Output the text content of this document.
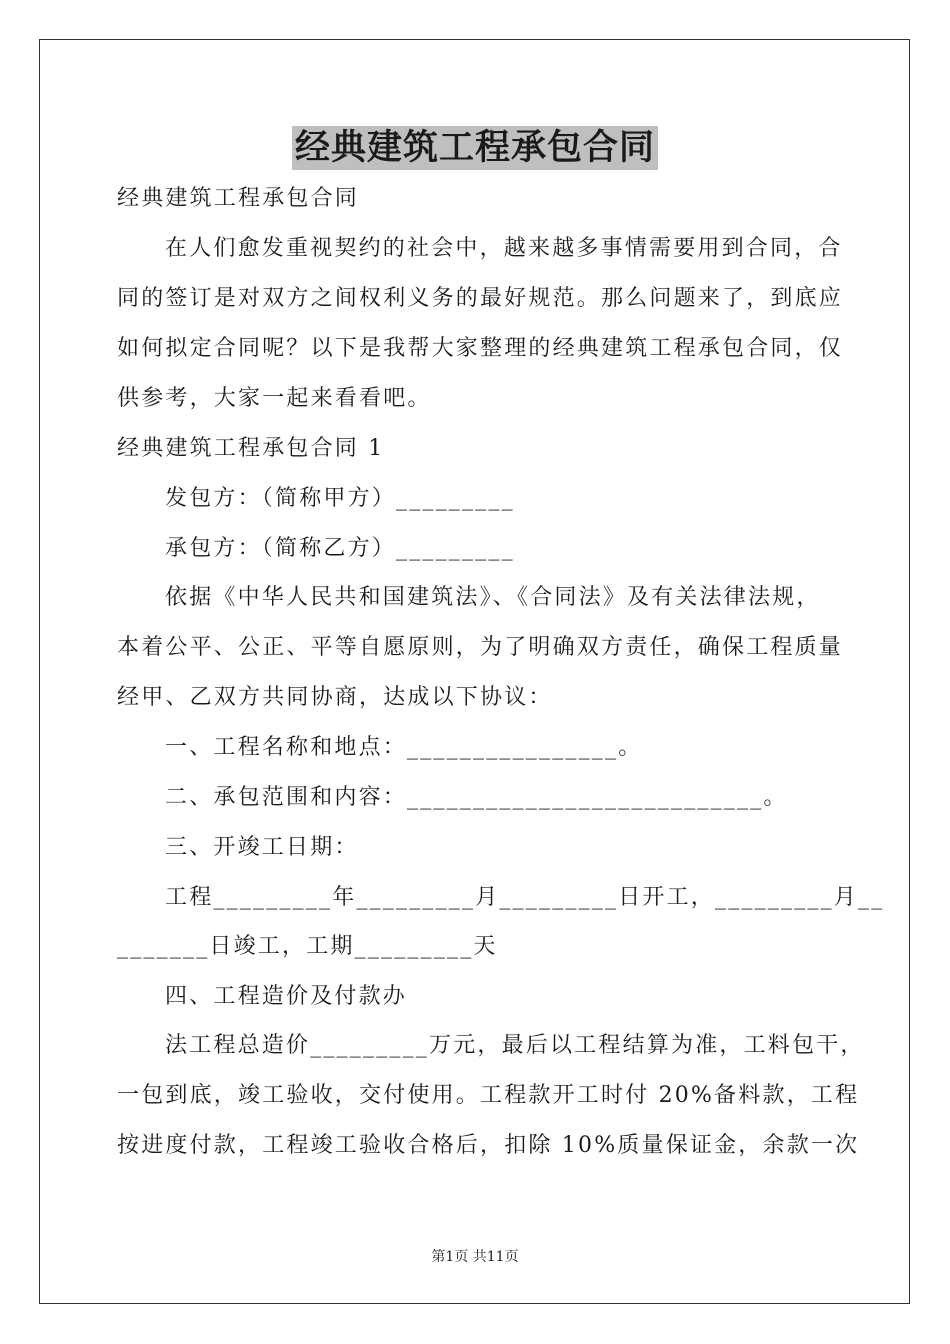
经典建筑工程承包合同
经典建筑工程承包合同
在人们愈发重视契约的社会中，越来越多事情需要用到合同，合
同的签订是对双方之间权利义务的最好规范。那么问题来了，到底应
如何拟定合同呢？以下是我帮大家整理的经典建筑工程承包合同，仅
供参考，大家一起来看看吧。
经典建筑工程承包合同 1
发包方：（简称甲方）_________
承包方：（简称乙方）_________
依据《中华人民共和国建筑法》、《合同法》及有关法律法规，
本着公平、公正、平等自愿原则，为了明确双方责任，确保工程质量
经甲、乙双方共同协商，达成以下协议：
一、工程名称和地点：________________。
二、承包范围和内容：___________________________。
三、开竣工日期：
工程_________年_________月_________日开工，_________月__
_______日竣工，工期_________天
四、工程造价及付款办
法工程总造价_________万元，最后以工程结算为准，工料包干，
一包到底，竣工验收，交付使用。工程款开工时付 20%备料款，工程
按进度付款，工程竣工验收合格后，扣除 10%质量保证金，余款一次
第1页 共11页
